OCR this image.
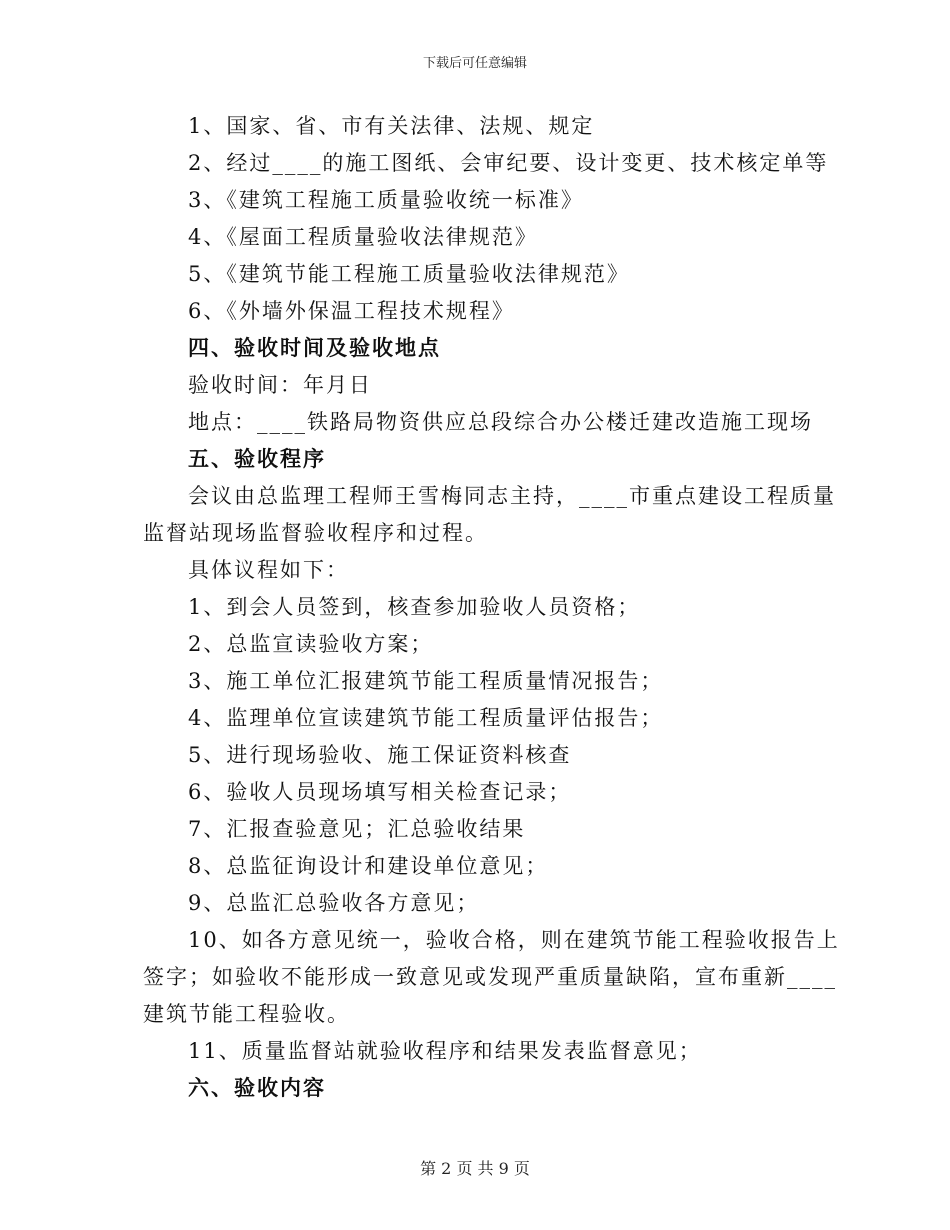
下载后可任意编辑

1、国家、省、市有关法律、法规、规定

2、经过____的施工图纸、会审纪要、设计变更、技术核定单等

3、《建筑工程施工质量验收统一标准》

4、《屋面工程质量验收法律规范》

5、《建筑节能工程施工质量验收法律规范》

6、《外墙外保温工程技术规程》

四、验收时间及验收地点

验收时间：年月日

地点：____铁路局物资供应总段综合办公楼迁建改造施工现场

五、验收程序

会议由总监理工程师王雪梅同志主持，____市重点建设工程质量

监督站现场监督验收程序和过程。

具体议程如下：

1、到会人员签到，核查参加验收人员资格；

2、总监宣读验收方案；

3、施工单位汇报建筑节能工程质量情况报告；

4、监理单位宣读建筑节能工程质量评估报告；

5、进行现场验收、施工保证资料核查

6、验收人员现场填写相关检查记录；

7、汇报查验意见；汇总验收结果

8、总监征询设计和建设单位意见；

9、总监汇总验收各方意见；

10、如各方意见统一，验收合格，则在建筑节能工程验收报告上

签字；如验收不能形成一致意见或发现严重质量缺陷，宣布重新____

建筑节能工程验收。

11、质量监督站就验收程序和结果发表监督意见；

六、验收内容

第 2 页 共 9 页
